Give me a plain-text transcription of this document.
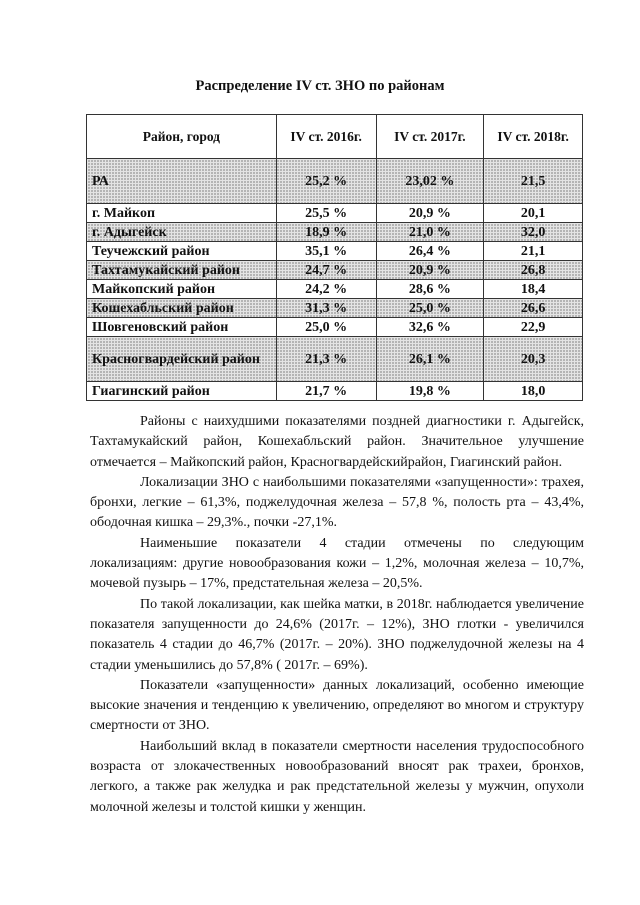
Распределение IV ст. ЗНО по районам
Район, город	IV ст. 2016г.	IV ст. 2017г.	IV ст. 2018г.
РА	25,2 %	23,02 %	21,5
г. Майкоп	25,5 %	20,9 %	20,1
г. Адыгейск	18,9 %	21,0 %	32,0
Теучежский район	35,1 %	26,4 %	21,1
Тахтамукайский район	24,7 %	20,9 %	26,8
Майкопский район	24,2 %	28,6 %	18,4
Кошехабльский район	31,3 %	25,0 %	26,6
Шовгеновский район	25,0 %	32,6 %	22,9
Красногвардейский район	21,3 %	26,1 %	20,3
Гиагинский район	21,7 %	19,8 %	18,0

Районы с наихудшими показателями поздней диагностики г. Адыгейск, Тахтамукайский район, Кошехабльский район. Значительное улучшение отмечается – Майкопский район, Красногвардейскийрайон, Гиагинский район.

Локализации ЗНО с наибольшими показателями «запущенности»: трахея, бронхи, легкие – 61,3%, поджелудочная железа – 57,8 %, полость рта – 43,4%, ободочная кишка – 29,3%., почки -27,1%.

Наименьшие показатели 4 стадии отмечены по следующим локализациям: другие новообразования кожи – 1,2%, молочная железа – 10,7%, мочевой пузырь – 17%, предстательная железа – 20,5%.

По такой локализации, как шейка матки, в 2018г. наблюдается увеличение показателя запущенности до 24,6% (2017г. – 12%), ЗНО глотки - увеличился показатель 4 стадии до 46,7% (2017г. – 20%). ЗНО поджелудочной железы на 4 стадии уменьшились до 57,8% ( 2017г. – 69%).

Показатели «запущенности» данных локализаций, особенно имеющие высокие значения и тенденцию к увеличению, определяют во многом и структуру смертности от ЗНО.

Наибольший вклад в показатели смертности населения трудоспособного возраста от злокачественных новообразований вносят рак трахеи, бронхов, легкого, а также рак желудка и рак предстательной железы у мужчин, опухоли молочной железы и толстой кишки у женщин.
